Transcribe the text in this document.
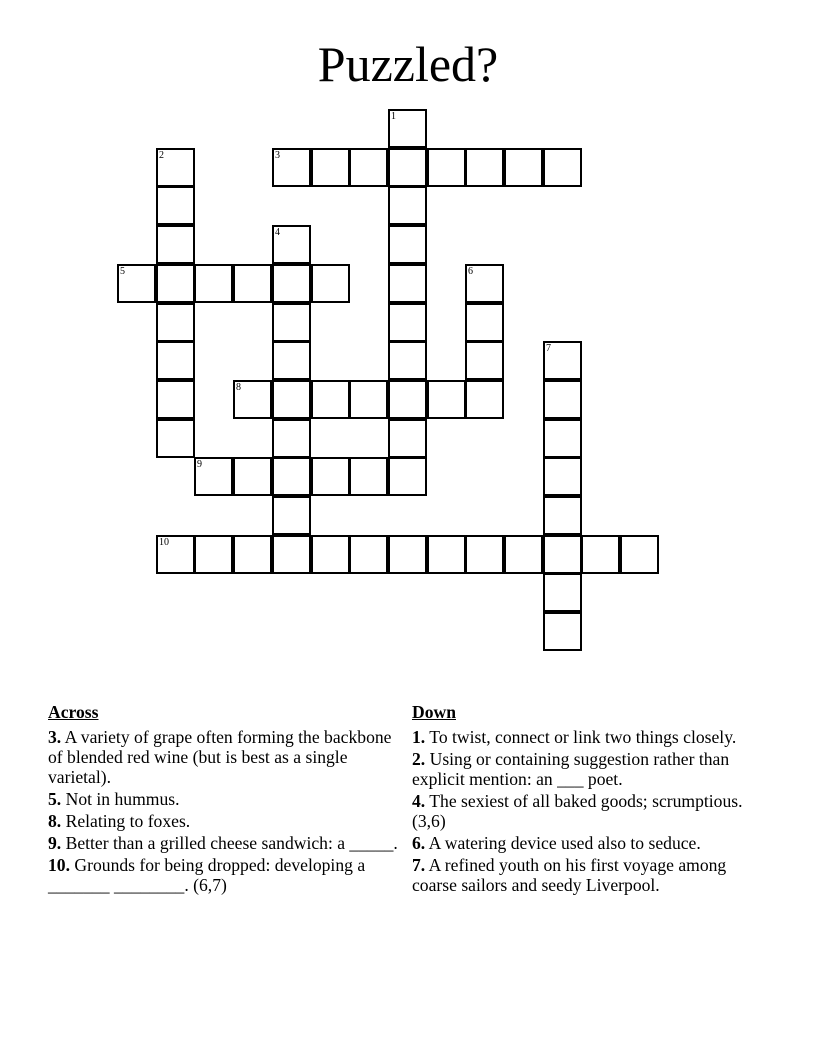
Puzzled?
1
2	3
4
5	6
7
8
9
10
Across
3. A variety of grape often forming the backbone of blended red wine (but is best as a single varietal).
5. Not in hummus.
8. Relating to foxes.
9. Better than a grilled cheese sandwich: a _____.
10. Grounds for being dropped: developing a _______ ________. (6,7)
Down
1. To twist, connect or link two things closely.
2. Using or containing suggestion rather than explicit mention: an ___ poet.
4. The sexiest of all baked goods; scrumptious. (3,6)
6. A watering device used also to seduce.
7. A refined youth on his first voyage among coarse sailors and seedy Liverpool.
